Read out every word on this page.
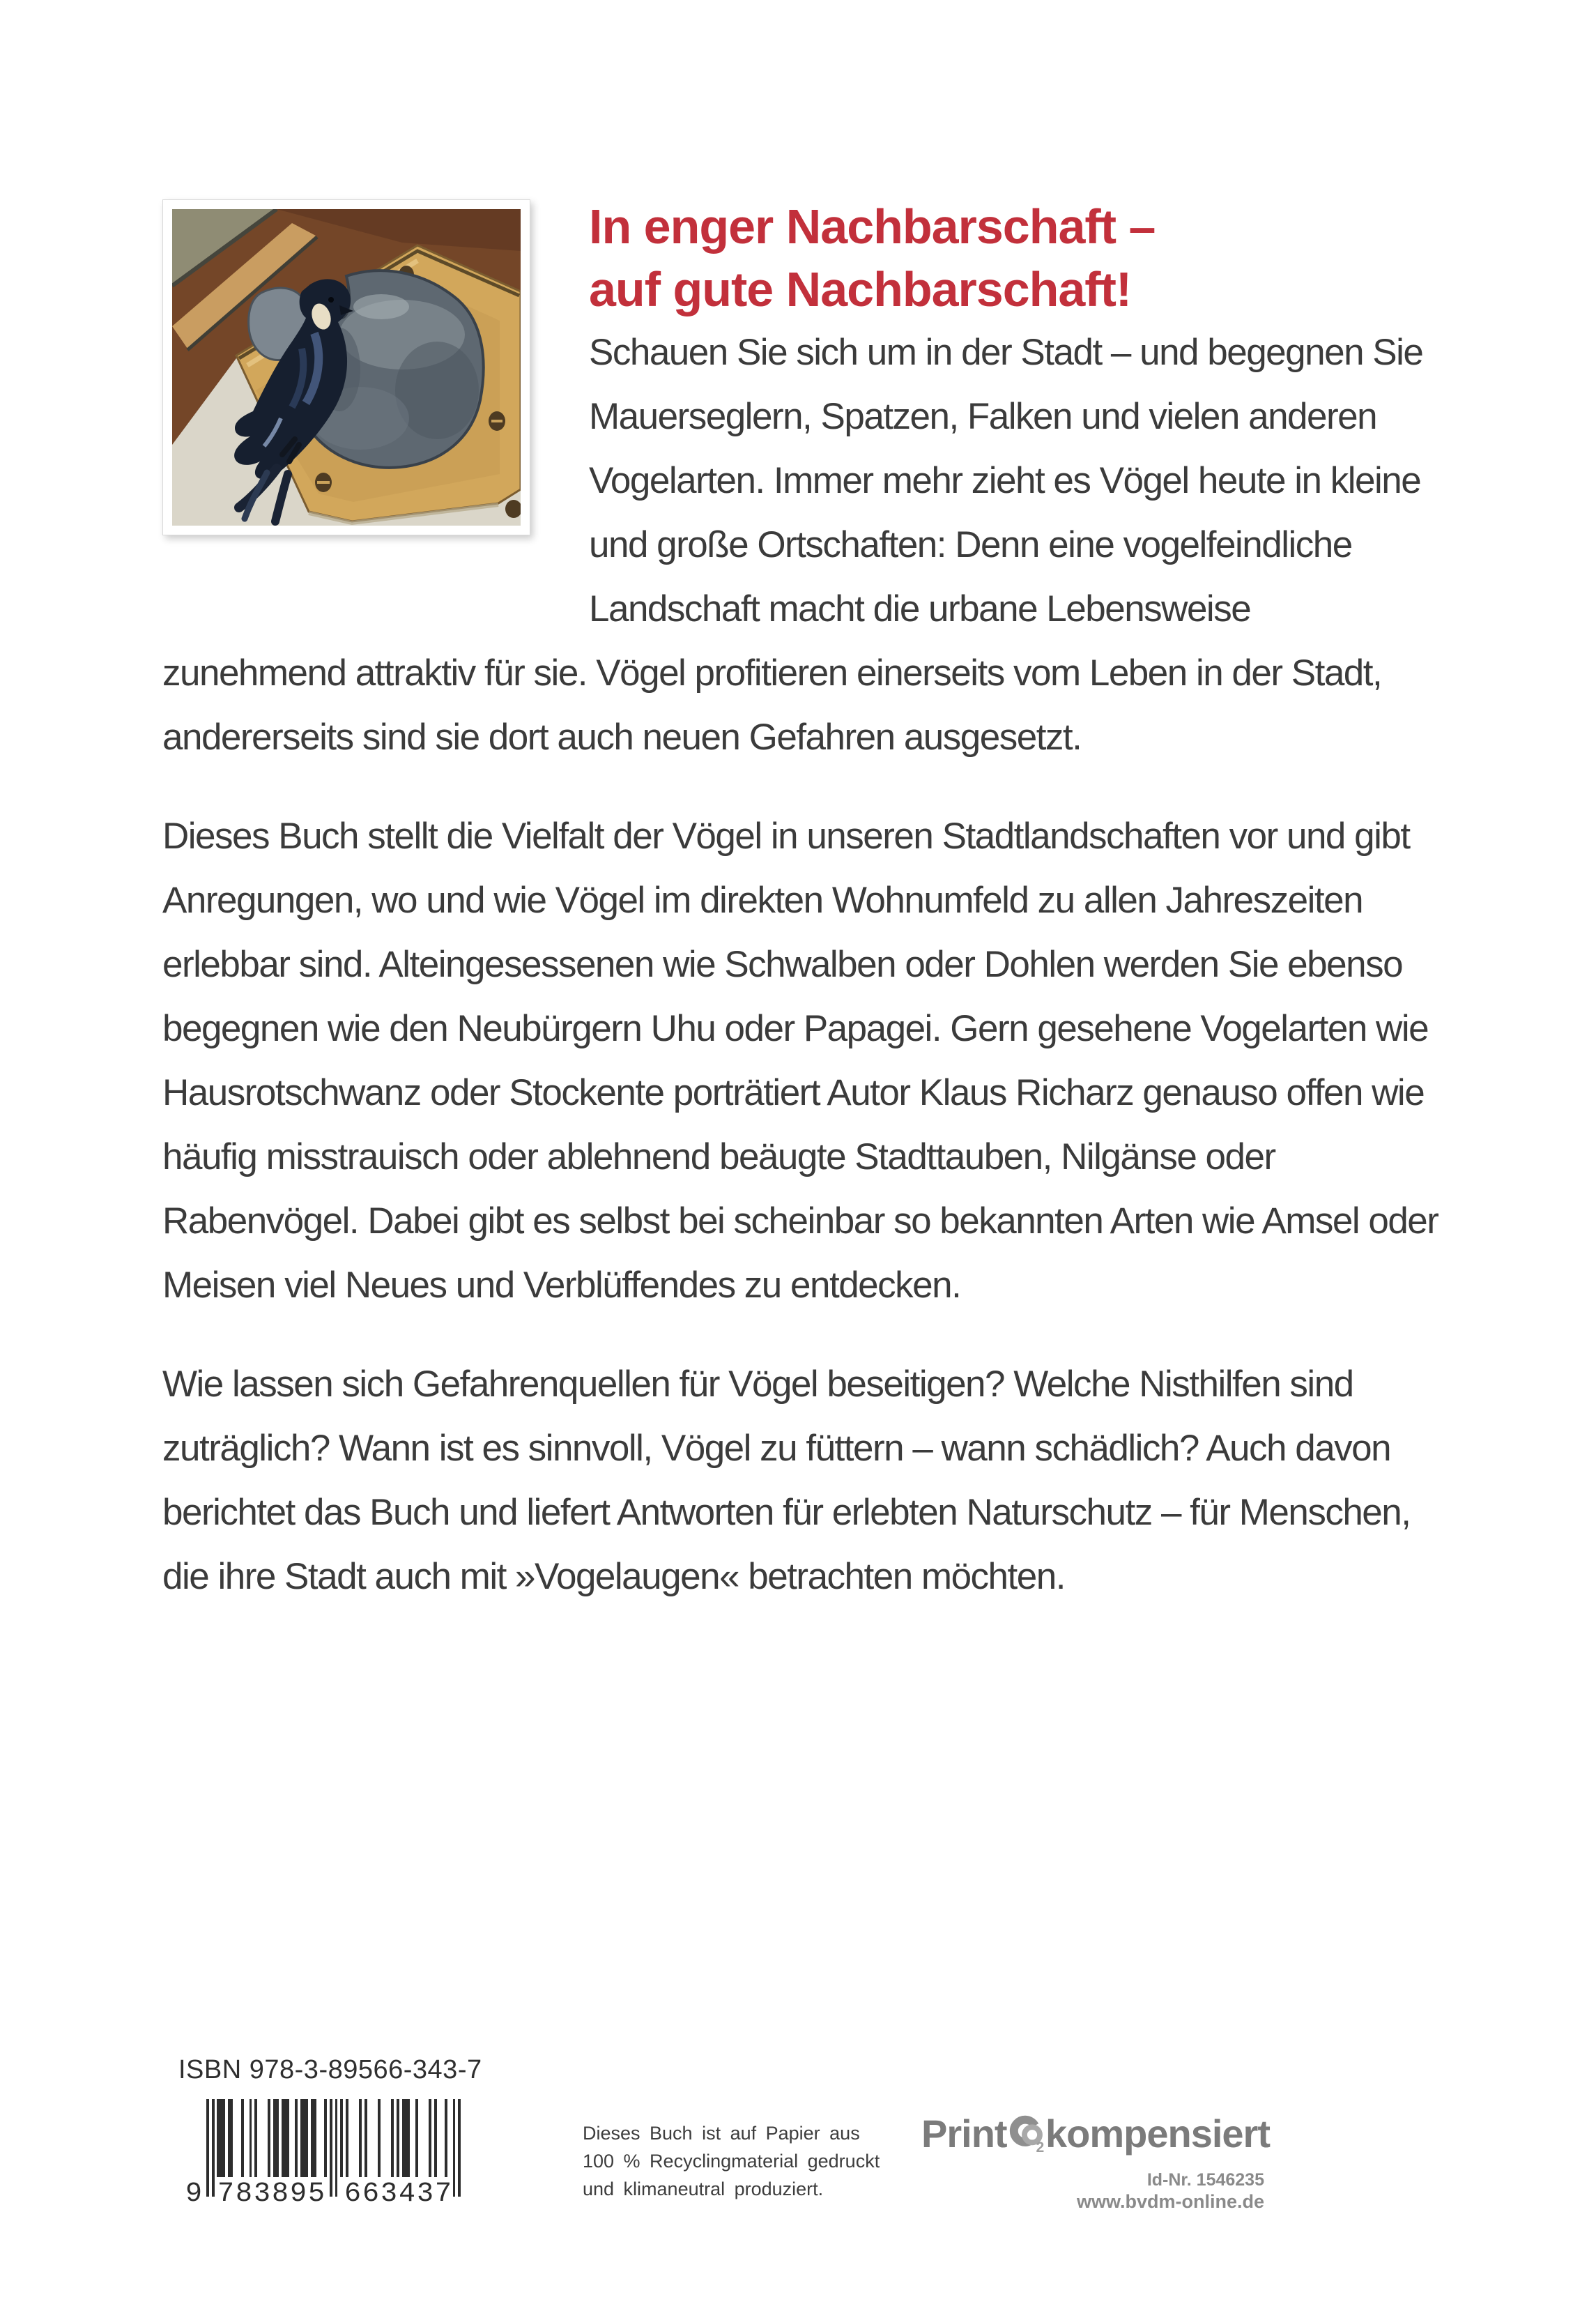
In enger Nachbarschaft –
auf gute Nachbarschaft!

Schauen Sie sich um in der Stadt – und begegnen Sie Mauerseglern, Spatzen, Falken und vielen anderen Vogelarten. Immer mehr zieht es Vögel heute in kleine und große Ortschaften: Denn eine vogelfeindliche Landschaft macht die urbane Lebensweise zunehmend attraktiv für sie. Vögel profitieren einerseits vom Leben in der Stadt, andererseits sind sie dort auch neuen Gefahren ausgesetzt.

Dieses Buch stellt die Vielfalt der Vögel in unseren Stadtlandschaften vor und gibt Anregungen, wo und wie Vögel im direkten Wohnumfeld zu allen Jahreszeiten erlebbar sind. Alteingesessenen wie Schwalben oder Dohlen werden Sie ebenso begegnen wie den Neubürgern Uhu oder Papagei. Gern gesehene Vogelarten wie Hausrotschwanz oder Stockente porträtiert Autor Klaus Richarz genauso offen wie häufig misstrauisch oder ablehnend beäugte Stadttauben, Nilgänse oder Rabenvögel. Dabei gibt es selbst bei scheinbar so bekannten Arten wie Amsel oder Meisen viel Neues und Verblüffendes zu entdecken.

Wie lassen sich Gefahrenquellen für Vögel beseitigen? Welche Nisthilfen sind zuträglich? Wann ist es sinnvoll, Vögel zu füttern – wann schädlich? Auch davon berichtet das Buch und liefert Antworten für erlebten Naturschutz – für Menschen, die ihre Stadt auch mit »Vogelaugen« betrachten möchten.

ISBN 978-3-89566-343-7
9 783895 663437
Dieses Buch ist auf Papier aus
100 % Recyclingmaterial gedruckt
und klimaneutral produziert.
Print 2 kompensiert
Id-Nr. 1546235
www.bvdm-online.de
